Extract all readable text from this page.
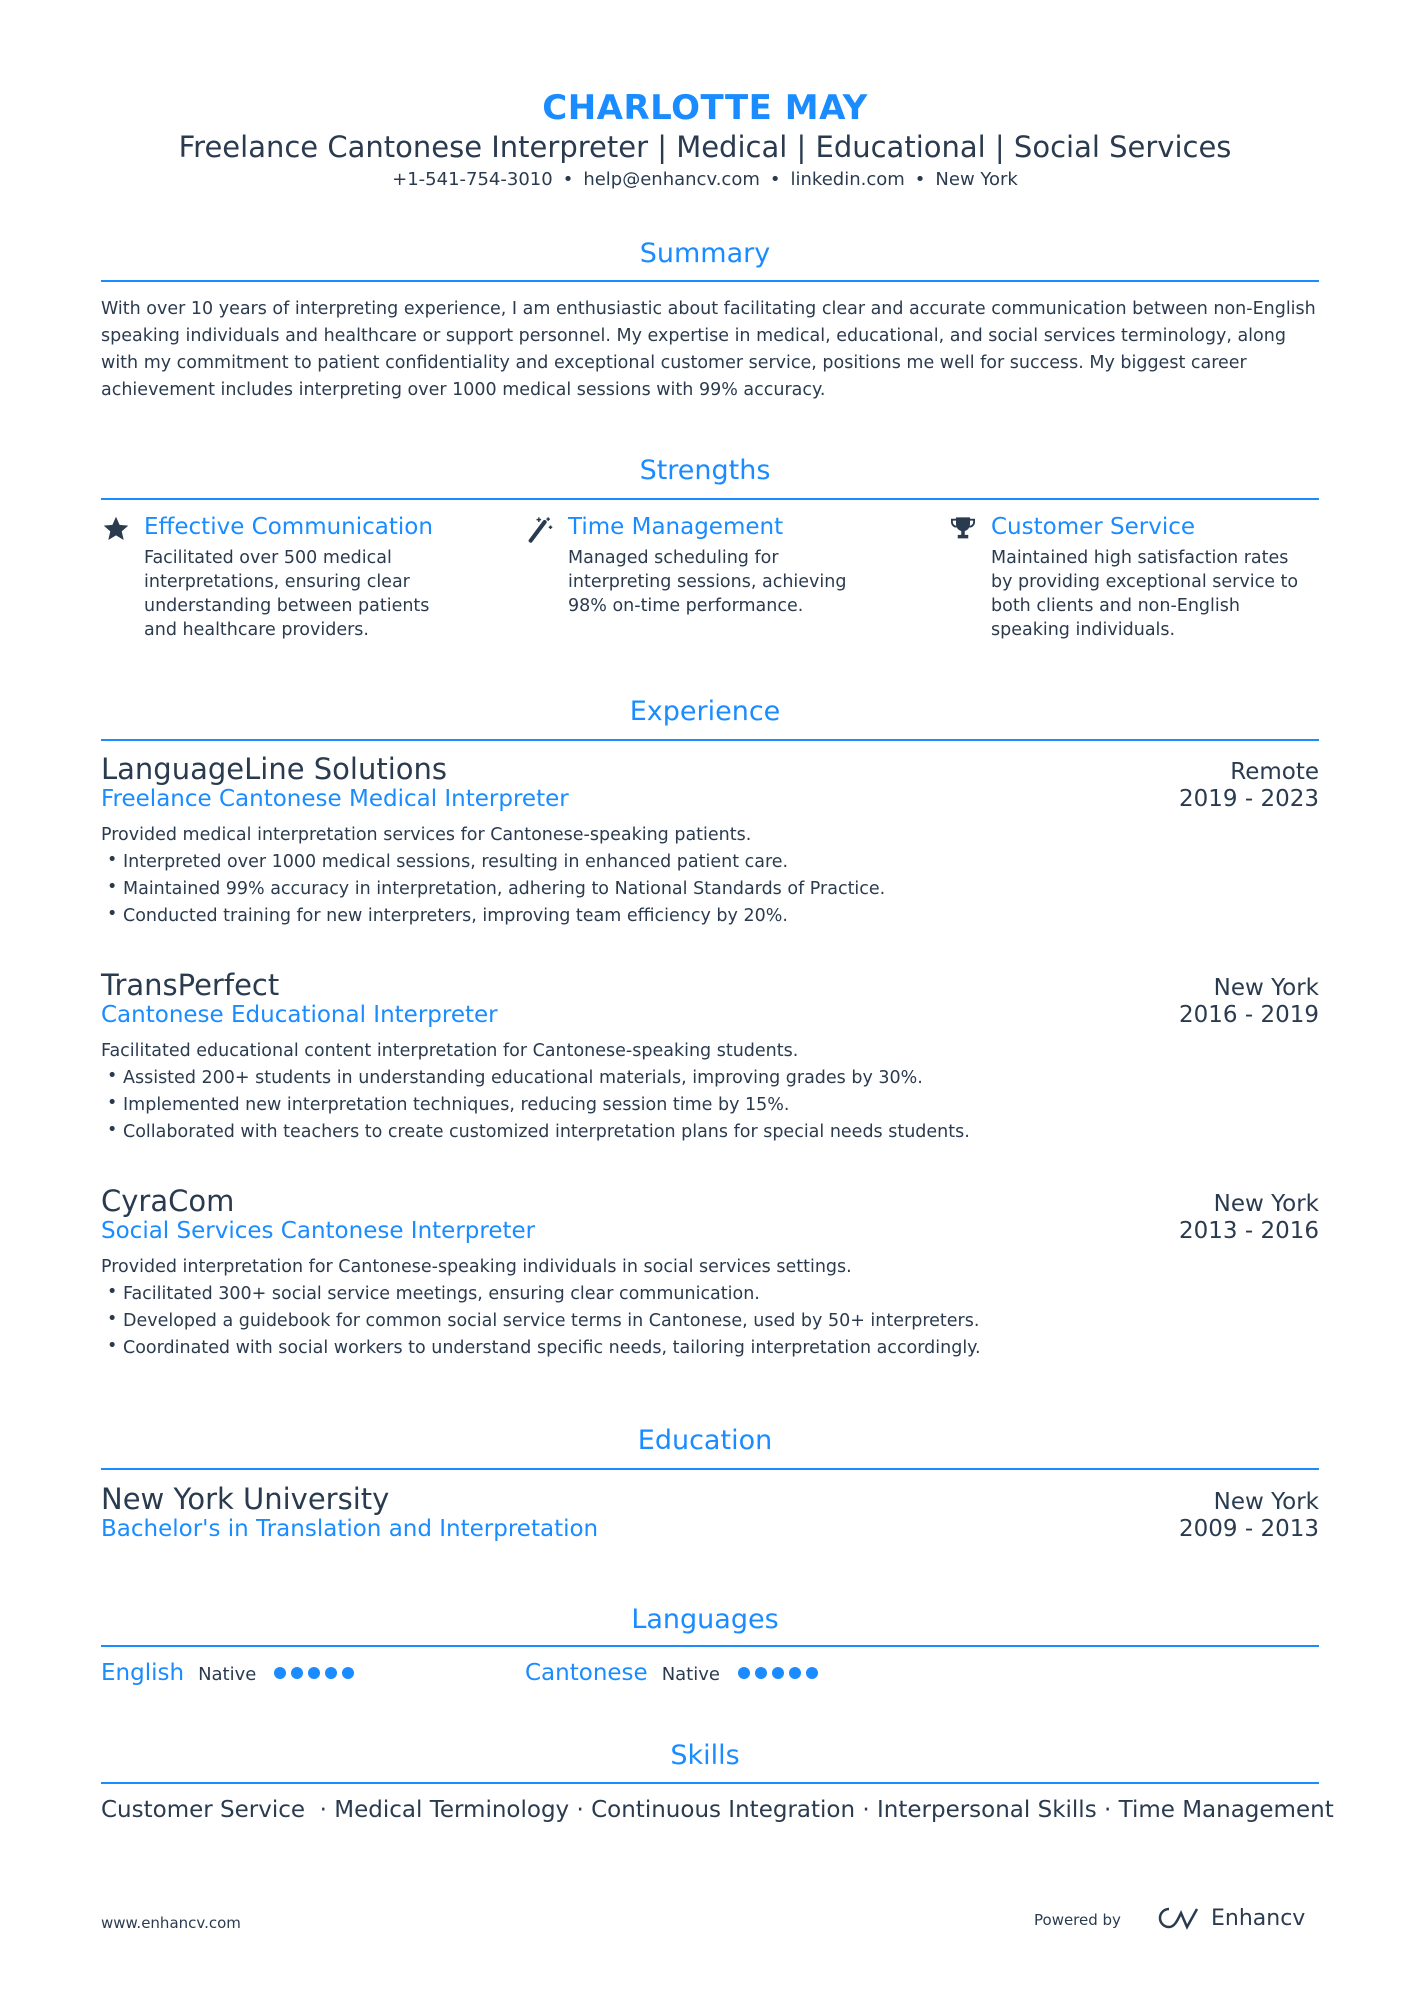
CHARLOTTE MAY
Freelance Cantonese Interpreter | Medical | Educational | Social Services
+1-541-754-3010 • help@enhancv.com • linkedin.com • New York
Summary
With over 10 years of interpreting experience, I am enthusiastic about facilitating clear and accurate communication between non-English speaking individuals and healthcare or support personnel. My expertise in medical, educational, and social services terminology, along with my commitment to patient confidentiality and exceptional customer service, positions me well for success. My biggest career achievement includes interpreting over 1000 medical sessions with 99% accuracy.
Strengths
Effective Communication
Facilitated over 500 medical interpretations, ensuring clear understanding between patients and healthcare providers.
Time Management
Managed scheduling for interpreting sessions, achieving 98% on-time performance.
Customer Service
Maintained high satisfaction rates by providing exceptional service to both clients and non-English speaking individuals.
Experience
LanguageLine Solutions	Remote
Freelance Cantonese Medical Interpreter	2019 - 2023
Provided medical interpretation services for Cantonese-speaking patients.
• Interpreted over 1000 medical sessions, resulting in enhanced patient care.
• Maintained 99% accuracy in interpretation, adhering to National Standards of Practice.
• Conducted training for new interpreters, improving team efficiency by 20%.
TransPerfect	New York
Cantonese Educational Interpreter	2016 - 2019
Facilitated educational content interpretation for Cantonese-speaking students.
• Assisted 200+ students in understanding educational materials, improving grades by 30%.
• Implemented new interpretation techniques, reducing session time by 15%.
• Collaborated with teachers to create customized interpretation plans for special needs students.
CyraCom	New York
Social Services Cantonese Interpreter	2013 - 2016
Provided interpretation for Cantonese-speaking individuals in social services settings.
• Facilitated 300+ social service meetings, ensuring clear communication.
• Developed a guidebook for common social service terms in Cantonese, used by 50+ interpreters.
• Coordinated with social workers to understand specific needs, tailoring interpretation accordingly.
Education
New York University	New York
Bachelor's in Translation and Interpretation	2009 - 2013
Languages
English Native	Cantonese Native
Skills
Customer Service  · Medical Terminology · Continuous Integration · Interpersonal Skills · Time Management
www.enhancv.com	Powered by	Enhancv
